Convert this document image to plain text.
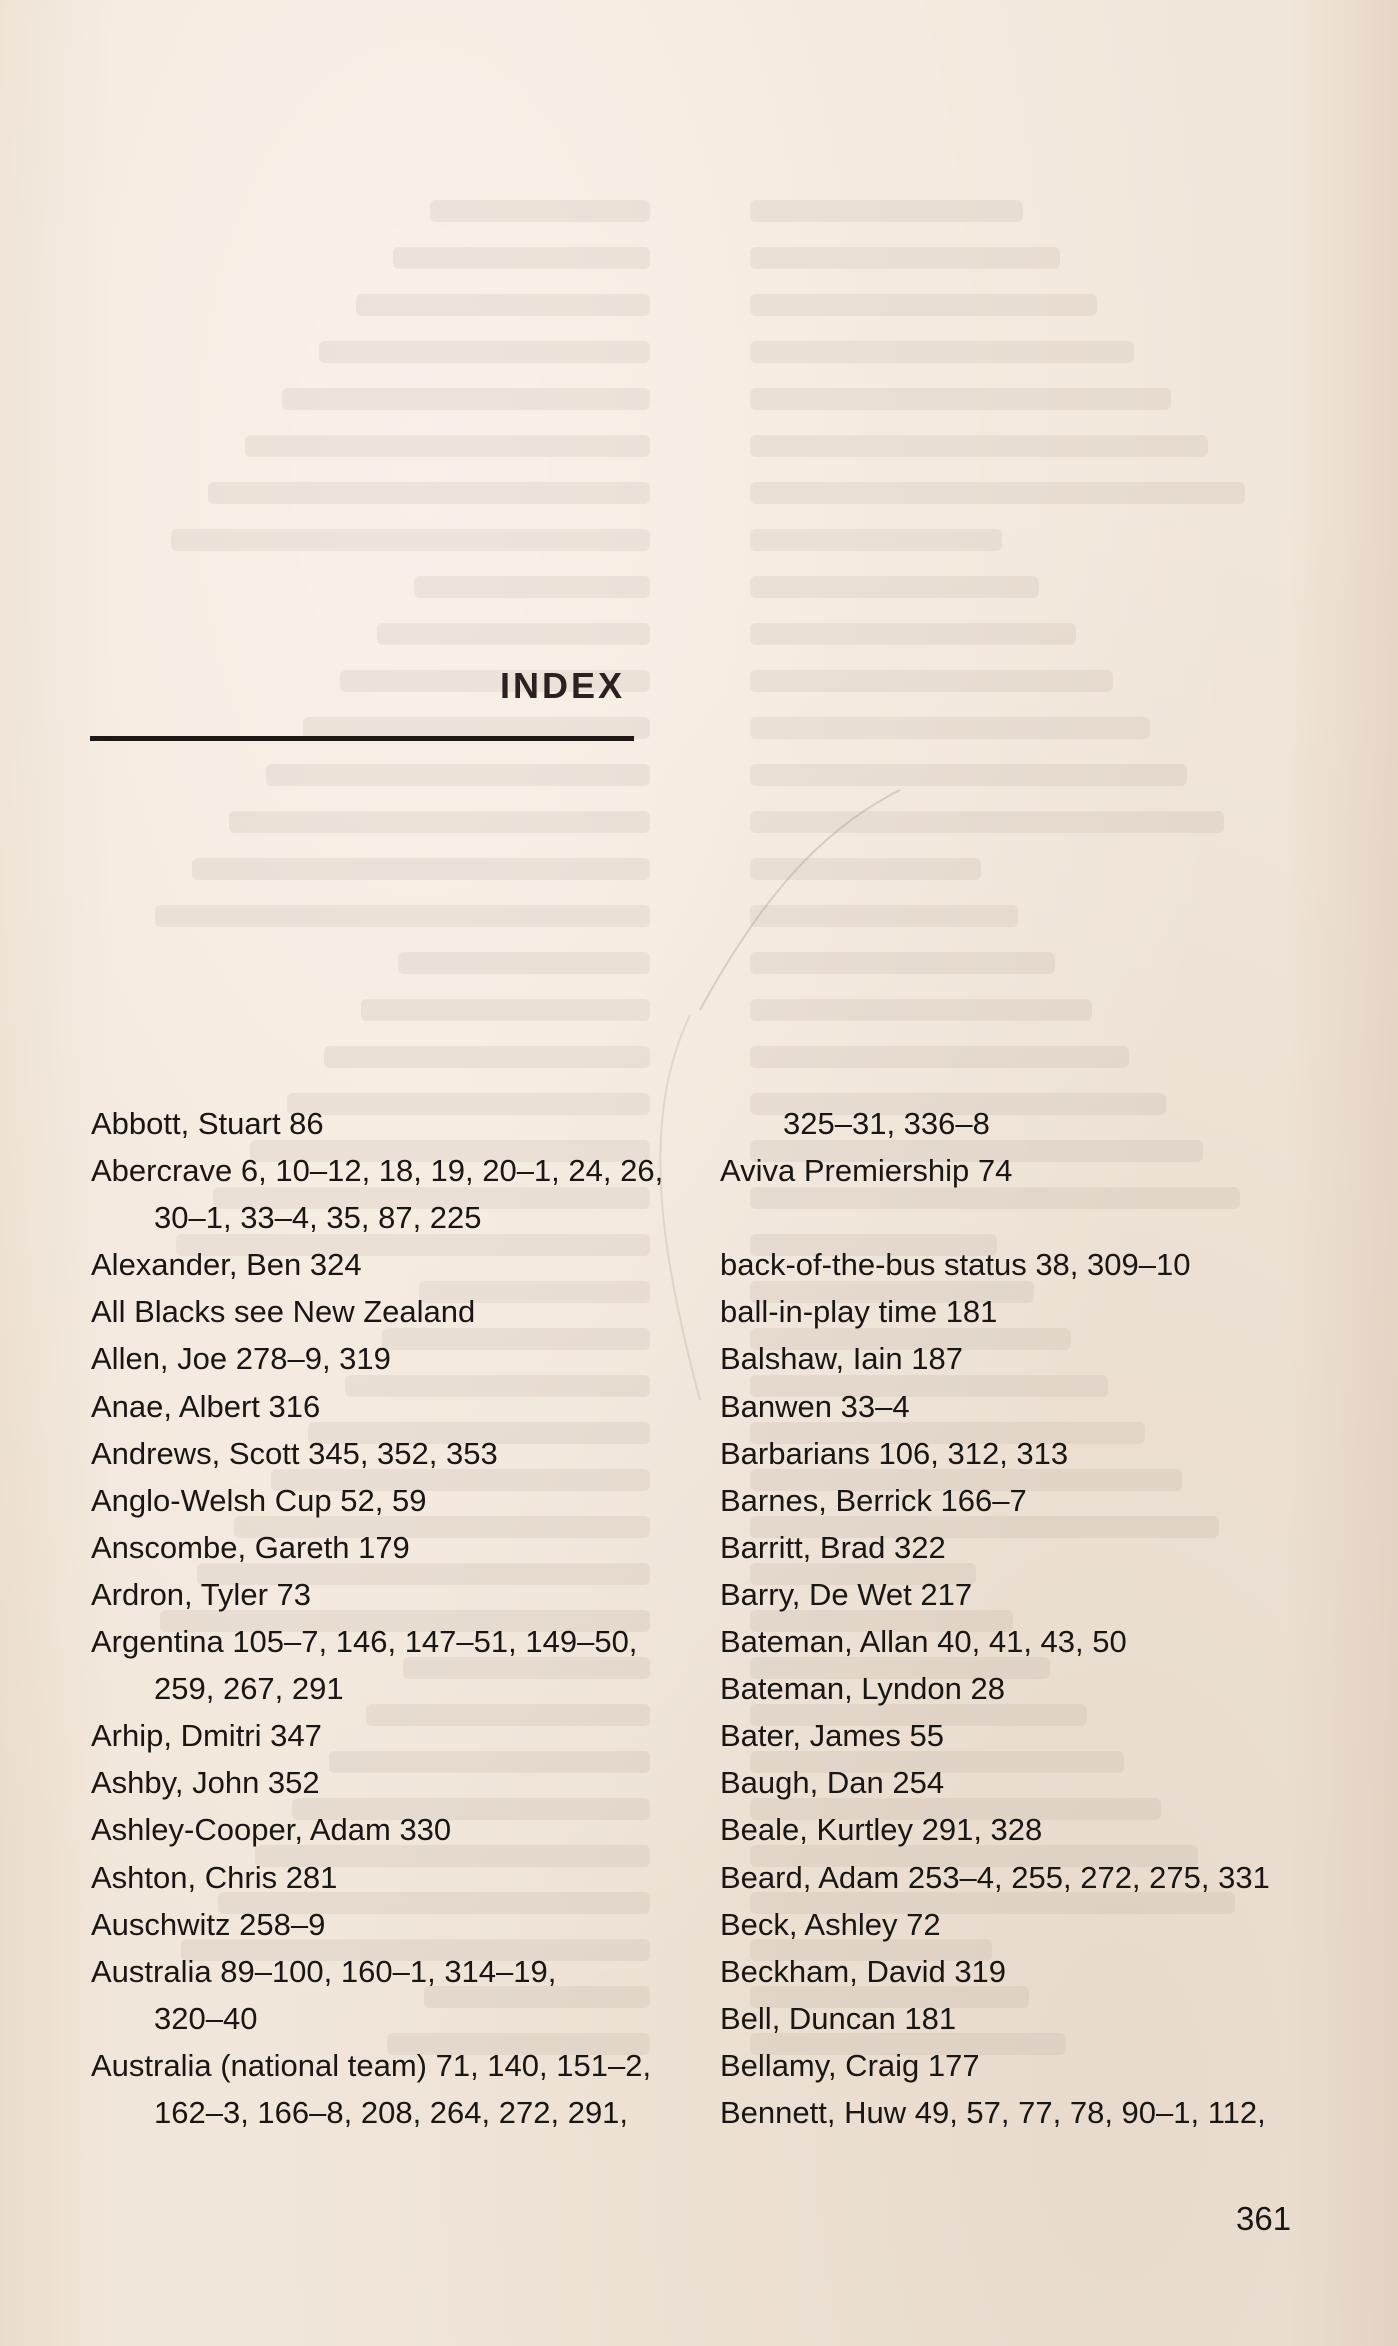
INDEX
Abbott, Stuart 86
Abercrave 6, 10–12, 18, 19, 20–1, 24, 26,
30–1, 33–4, 35, 87, 225
Alexander, Ben 324
All Blacks see New Zealand
Allen, Joe 278–9, 319
Anae, Albert 316
Andrews, Scott 345, 352, 353
Anglo-Welsh Cup 52, 59
Anscombe, Gareth 179
Ardron, Tyler 73
Argentina 105–7, 146, 147–51, 149–50,
259, 267, 291
Arhip, Dmitri 347
Ashby, John 352
Ashley-Cooper, Adam 330
Ashton, Chris 281
Auschwitz 258–9
Australia 89–100, 160–1, 314–19,
320–40
Australia (national team) 71, 140, 151–2,
162–3, 166–8, 208, 264, 272, 291,
325–31, 336–8
Aviva Premiership 74
back-of-the-bus status 38, 309–10
ball-in-play time 181
Balshaw, Iain 187
Banwen 33–4
Barbarians 106, 312, 313
Barnes, Berrick 166–7
Barritt, Brad 322
Barry, De Wet 217
Bateman, Allan 40, 41, 43, 50
Bateman, Lyndon 28
Bater, James 55
Baugh, Dan 254
Beale, Kurtley 291, 328
Beard, Adam 253–4, 255, 272, 275, 331
Beck, Ashley 72
Beckham, David 319
Bell, Duncan 181
Bellamy, Craig 177
Bennett, Huw 49, 57, 77, 78, 90–1, 112,
361
